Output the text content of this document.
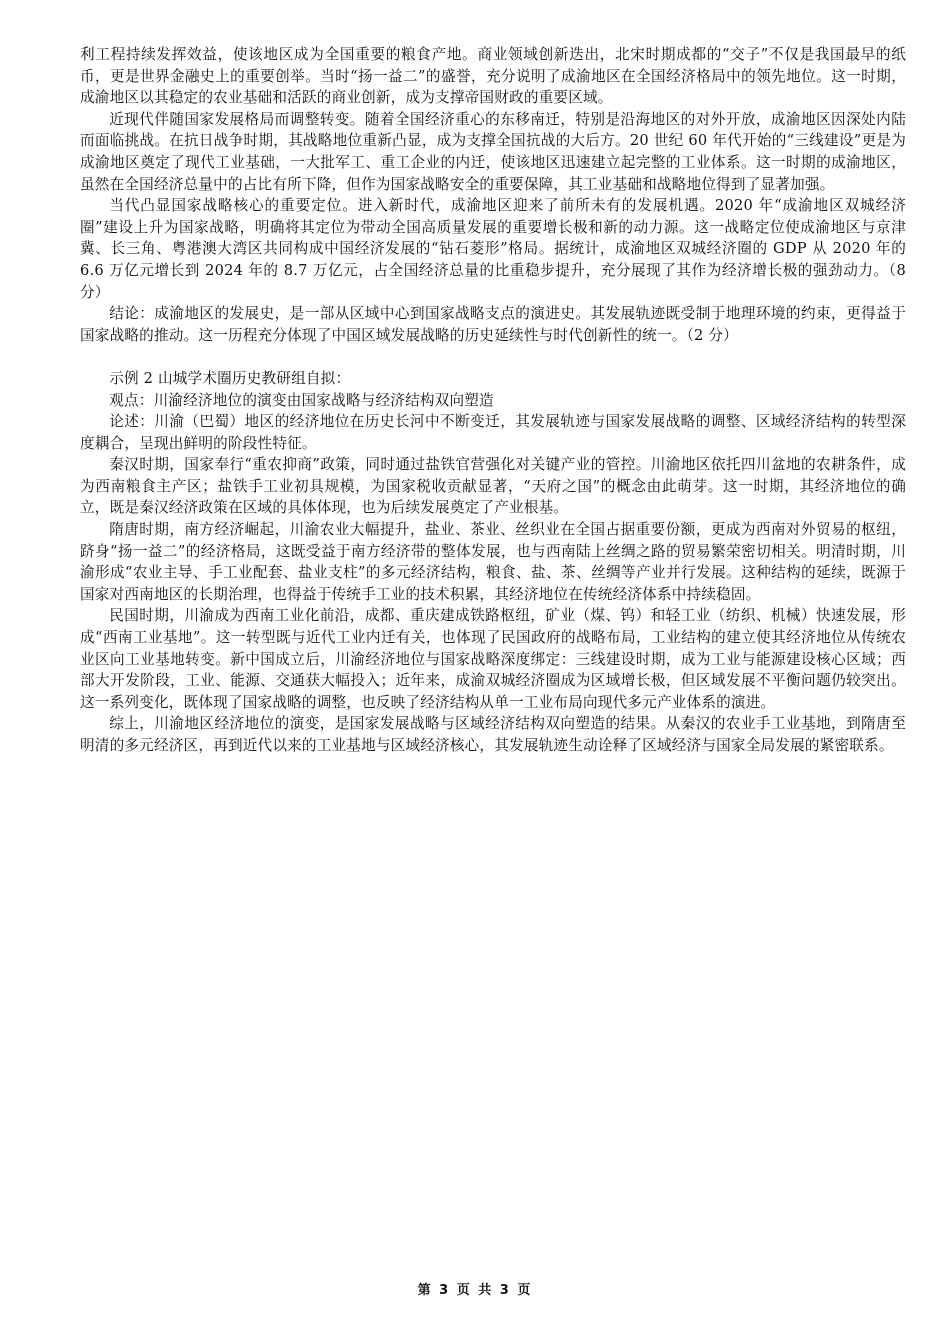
利工程持续发挥效益，使该地区成为全国重要的粮食产地。商业领域创新迭出，北宋时期成都的“交子”不仅是我国最早的纸币，更是世界金融史上的重要创举。当时“扬一益二”的盛誉，充分说明了成渝地区在全国经济格局中的领先地位。这一时期，成渝地区以其稳定的农业基础和活跃的商业创新，成为支撑帝国财政的重要区域。

近现代伴随国家发展格局而调整转变。随着全国经济重心的东移南迁，特别是沿海地区的对外开放，成渝地区因深处内陆而面临挑战。在抗日战争时期，其战略地位重新凸显，成为支撑全国抗战的大后方。20 世纪 60 年代开始的“三线建设”更是为成渝地区奠定了现代工业基础，一大批军工、重工企业的内迁，使该地区迅速建立起完整的工业体系。这一时期的成渝地区，虽然在全国经济总量中的占比有所下降，但作为国家战略安全的重要保障，其工业基础和战略地位得到了显著加强。

当代凸显国家战略核心的重要定位。进入新时代，成渝地区迎来了前所未有的发展机遇。2020 年“成渝地区双城经济圈”建设上升为国家战略，明确将其定位为带动全国高质量发展的重要增长极和新的动力源。这一战略定位使成渝地区与京津冀、长三角、粤港澳大湾区共同构成中国经济发展的“钻石菱形”格局。据统计，成渝地区双城经济圈的 GDP 从 2020 年的 6.6 万亿元增长到 2024 年的 8.7 万亿元，占全国经济总量的比重稳步提升，充分展现了其作为经济增长极的强劲动力。（8 分）

结论：成渝地区的发展史，是一部从区域中心到国家战略支点的演进史。其发展轨迹既受制于地理环境的约束，更得益于国家战略的推动。这一历程充分体现了中国区域发展战略的历史延续性与时代创新性的统一。（2 分）

示例 2 山城学术圈历史教研组自拟：

观点：川渝经济地位的演变由国家战略与经济结构双向塑造

论述：川渝（巴蜀）地区的经济地位在历史长河中不断变迁，其发展轨迹与国家发展战略的调整、区域经济结构的转型深度耦合，呈现出鲜明的阶段性特征。

秦汉时期，国家奉行“重农抑商”政策，同时通过盐铁官营强化对关键产业的管控。川渝地区依托四川盆地的农耕条件，成为西南粮食主产区；盐铁手工业初具规模，为国家税收贡献显著，“天府之国”的概念由此萌芽。这一时期，其经济地位的确立，既是秦汉经济政策在区域的具体体现，也为后续发展奠定了产业根基。

隋唐时期，南方经济崛起，川渝农业大幅提升，盐业、茶业、丝织业在全国占据重要份额，更成为西南对外贸易的枢纽，跻身“扬一益二”的经济格局，这既受益于南方经济带的整体发展，也与西南陆上丝绸之路的贸易繁荣密切相关。明清时期，川渝形成“农业主导、手工业配套、盐业支柱”的多元经济结构，粮食、盐、茶、丝绸等产业并行发展。这种结构的延续，既源于国家对西南地区的长期治理，也得益于传统手工业的技术积累，其经济地位在传统经济体系中持续稳固。

民国时期，川渝成为西南工业化前沿，成都、重庆建成铁路枢纽，矿业（煤、钨）和轻工业（纺织、机械）快速发展，形成“西南工业基地”。这一转型既与近代工业内迁有关，也体现了民国政府的战略布局，工业结构的建立使其经济地位从传统农业区向工业基地转变。新中国成立后，川渝经济地位与国家战略深度绑定：三线建设时期，成为工业与能源建设核心区域；西部大开发阶段，工业、能源、交通获大幅投入；近年来，成渝双城经济圈成为区域增长极，但区域发展不平衡问题仍较突出。这一系列变化，既体现了国家战略的调整，也反映了经济结构从单一工业布局向现代多元产业体系的演进。

综上，川渝地区经济地位的演变，是国家发展战略与区域经济结构双向塑造的结果。从秦汉的农业手工业基地，到隋唐至明清的多元经济区，再到近代以来的工业基地与区域经济核心，其发展轨迹生动诠释了区域经济与国家全局发展的紧密联系。

第 3 页 共 3 页
